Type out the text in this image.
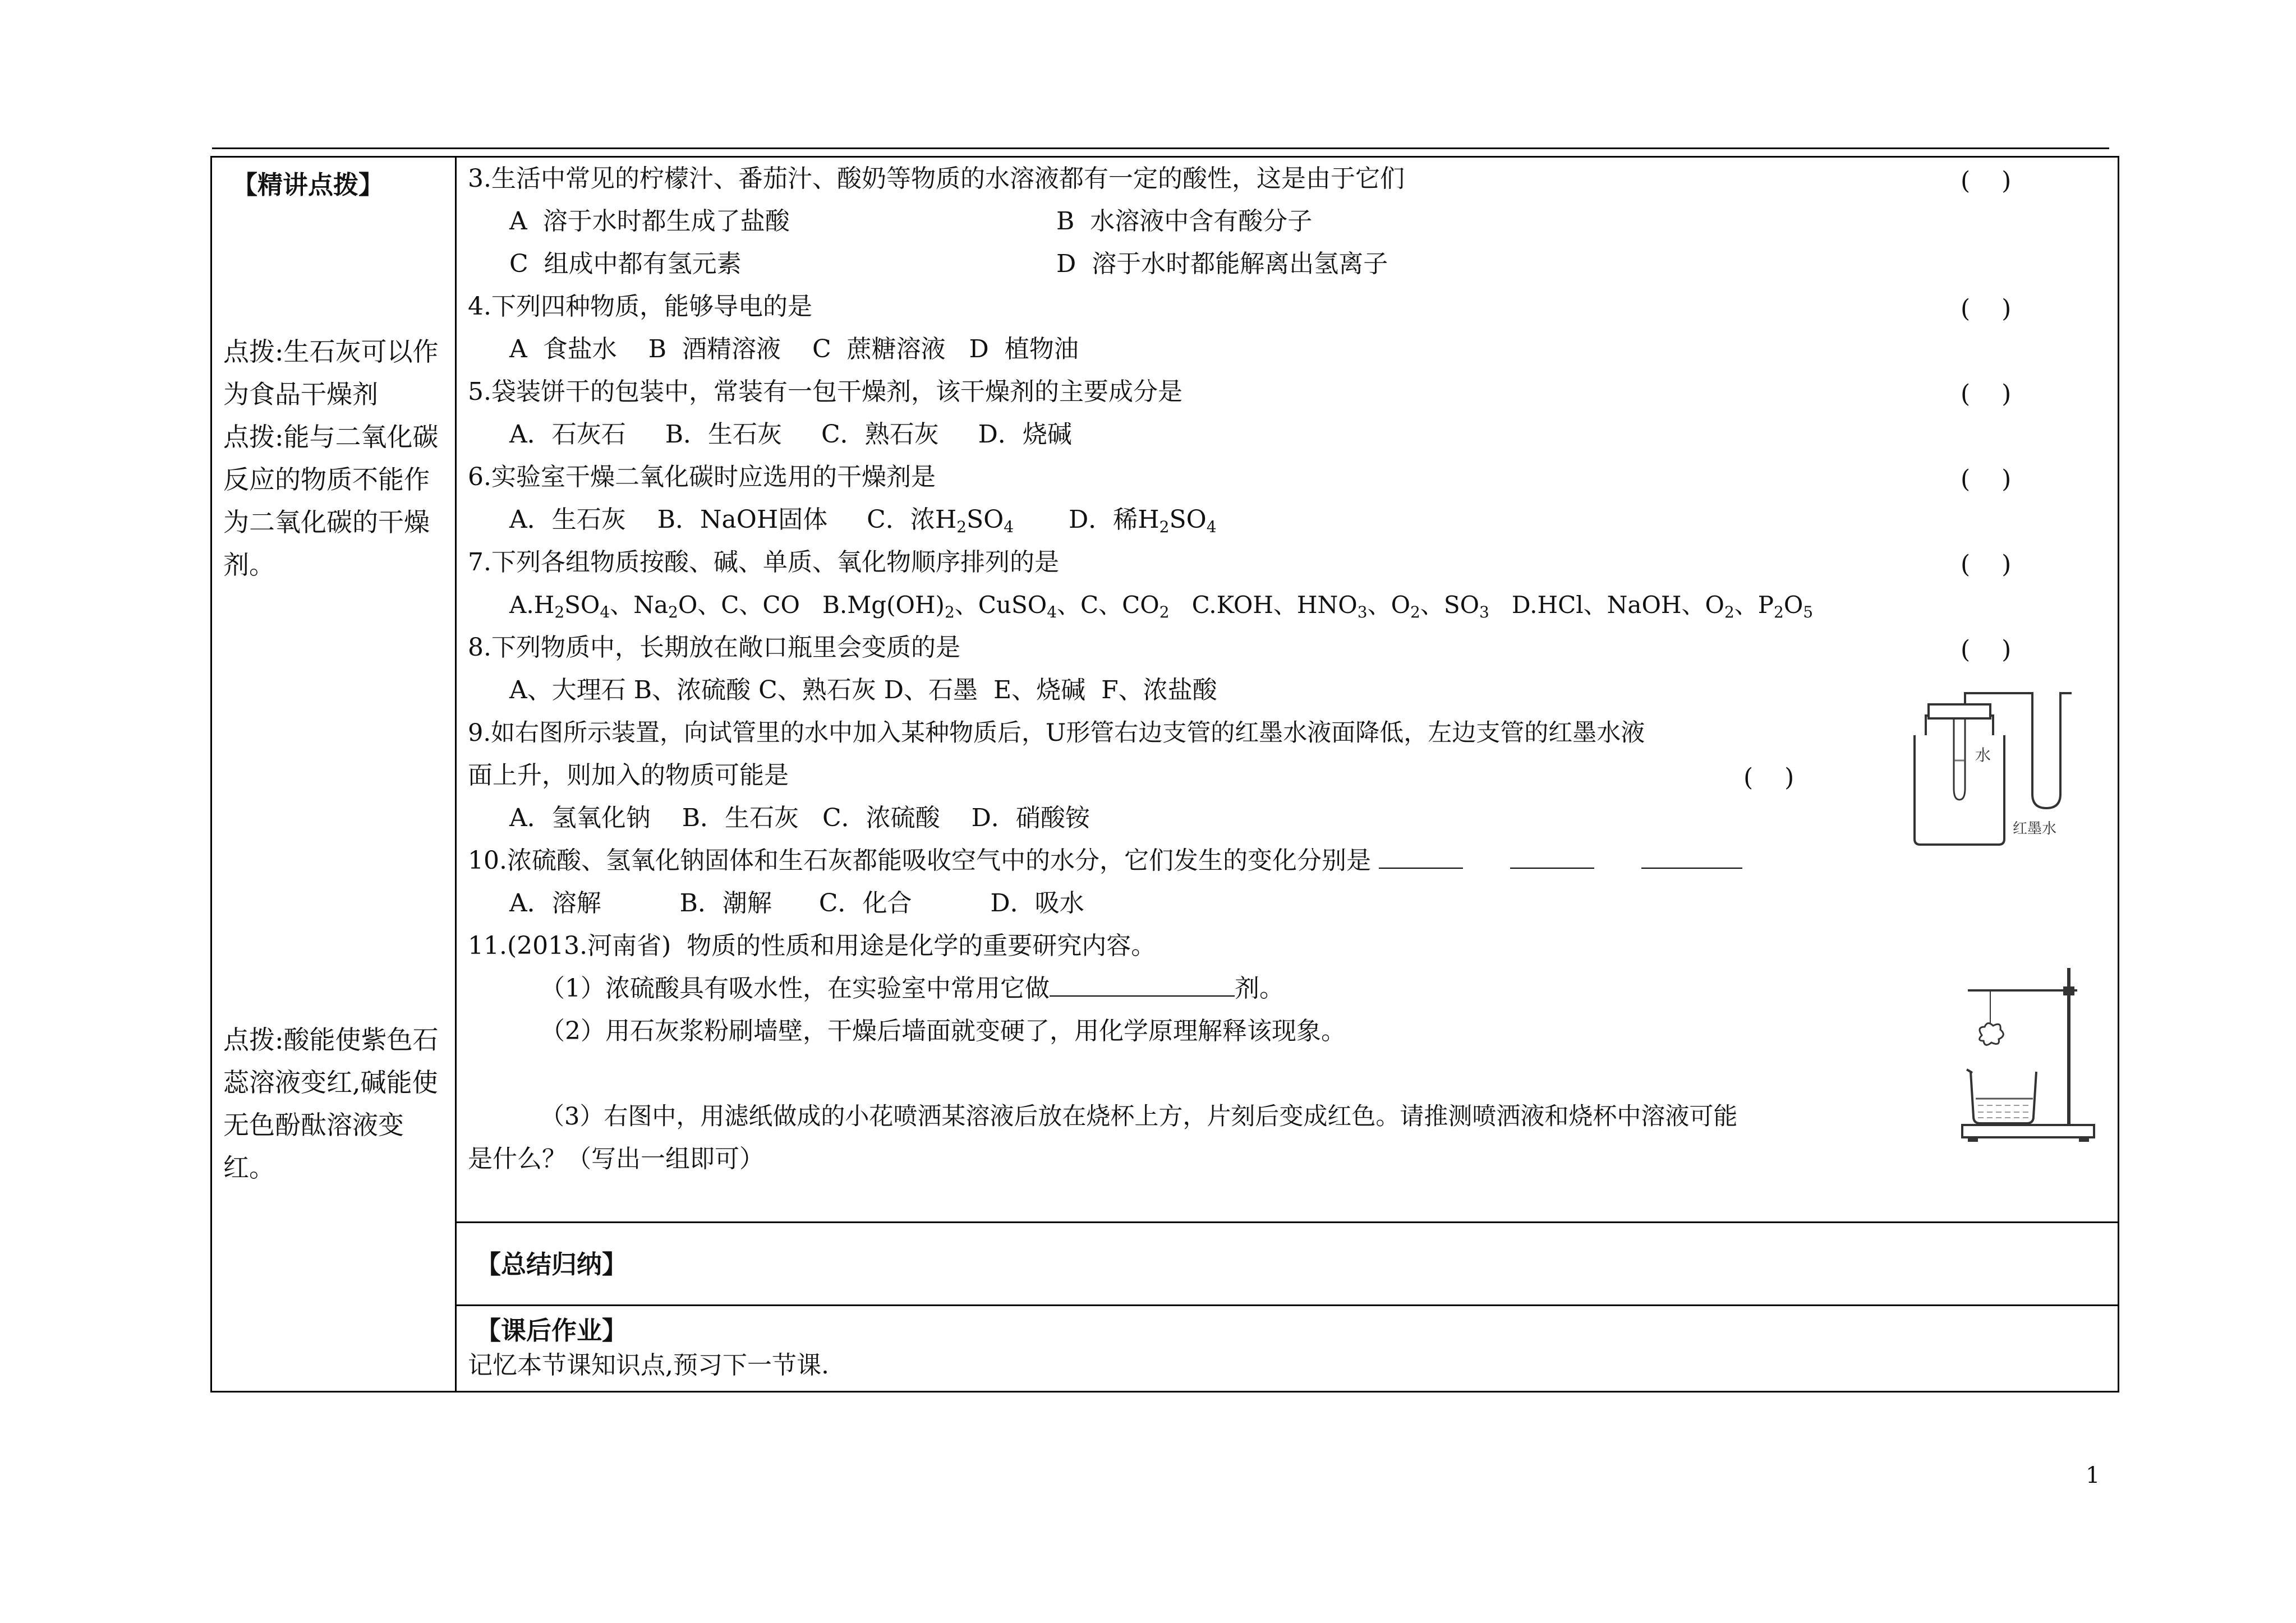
【精讲点拨】
点拨:生石灰可以作为食品干燥剂
点拨:能与二氧化碳反应的物质不能作为二氧化碳的干燥剂。
点拨:酸能使紫色石蕊溶液变红,碱能使无色酚酞溶液变红。
3.生活中常见的柠檬汁、番茄汁、酸奶等物质的水溶液都有一定的酸性，这是由于它们	(    )
A  溶于水时都生成了盐酸	B  水溶液中含有酸分子
C  组成中都有氢元素	D  溶于水时都能解离出氢离子
4.下列四种物质，能够导电的是	(    )
A  食盐水    B  酒精溶液    C  蔗糖溶液   D  植物油
5.袋装饼干的包装中，常装有一包干燥剂，该干燥剂的主要成分是	(    )
A．石灰石     B．生石灰     C．熟石灰     D．烧碱
6.实验室干燥二氧化碳时应选用的干燥剂是	(    )
A．生石灰    B．NaOH固体     C．浓$H_2SO_4$       D．稀$H_2SO_4$
7.下列各组物质按酸、碱、单质、氧化物顺序排列的是	(    )
$A.H_2SO_4$、$Na_2O$、C、CO   $B.Mg(OH)_2$、CuSO$_4$、C、$CO_2$   C.KOH、$HNO_3$、$O_2$、$SO_3$   D.HCl、NaOH、$O_2$、$P_2O_5$
8.下列物质中，长期放在敞口瓶里会变质的是	(    )
A、大理石 B、浓硫酸 C、熟石灰 D、石墨  E、烧碱  F、浓盐酸
9.如右图所示装置，向试管里的水中加入某种物质后，U形管右边支管的红墨水液面降低，左边支管的红墨水液
面上升，则加入的物质可能是	(    )
A．氢氧化钠    B．生石灰   C．浓硫酸    D．硝酸铵
水
红墨水
10.浓硫酸、氢氧化钠固体和生石灰都能吸收空气中的水分，它们发生的变化分别是
A．溶解          B．潮解      C．化合          D．吸水
11.(2013.河南省)  物质的性质和用途是化学的重要研究内容。
（1）浓硫酸具有吸水性，在实验室中常用它做	剂。
（2）用石灰浆粉刷墙壁，干燥后墙面就变硬了，用化学原理解释该现象。
（3）右图中，用滤纸做成的小花喷洒某溶液后放在烧杯上方，片刻后变成红色。请推测喷洒液和烧杯中溶液可能
是什么？（写出一组即可）
【总结归纳】
【课后作业】
记忆本节课知识点,预习下一节课.
1
